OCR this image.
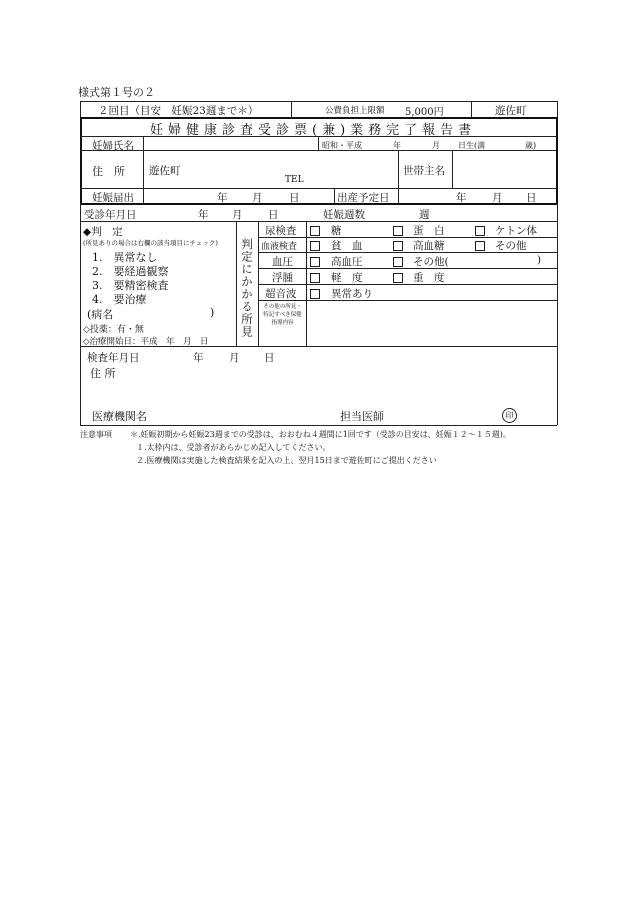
様式第１号の２
２回目（目安　妊娠23週まで＊）	公費負担上限額 5,000円	遊佐町
妊婦健康診査受診票(兼)業務完了報告書
妊婦氏名	昭和・平成	年	月 日生(満	歳)
住　所 遊佐町
TEL
世帯主名
妊娠届出	年 月	日	出産予定日	年 月 日
受診年月日	年 月 日	妊娠週数	週
◆判　定
(所見ありの場合は右欄の該当項目にチェック)
1.　異常なし
2.　要経過観察
3.　要精密検査
4.　要治療
(病名	)
◇投薬：有・無
◇治療開始日：平成　年　月　日
判定にかかる所見
尿検査	糖	蛋　白	ケトン体
血液検査	貧　血	高血糖	その他
血圧	高血圧	その他(	)
浮腫	軽　度	重　度
超音波	異常あり
その他の所見・特記すべき保健指導内容
検査年月日	年 月 日
住 所
医療機関名	担当医師	印
注意事項 ＊.妊娠初期から妊娠23週までの受診は、おおむね４週間に1回です（受診の目安は、妊娠１２～１５週)。
１.太枠内は、受診者があらかじめ記入してください。
２.医療機関は実施した検査結果を記入の上、翌月15日まで遊佐町にご提出ください
